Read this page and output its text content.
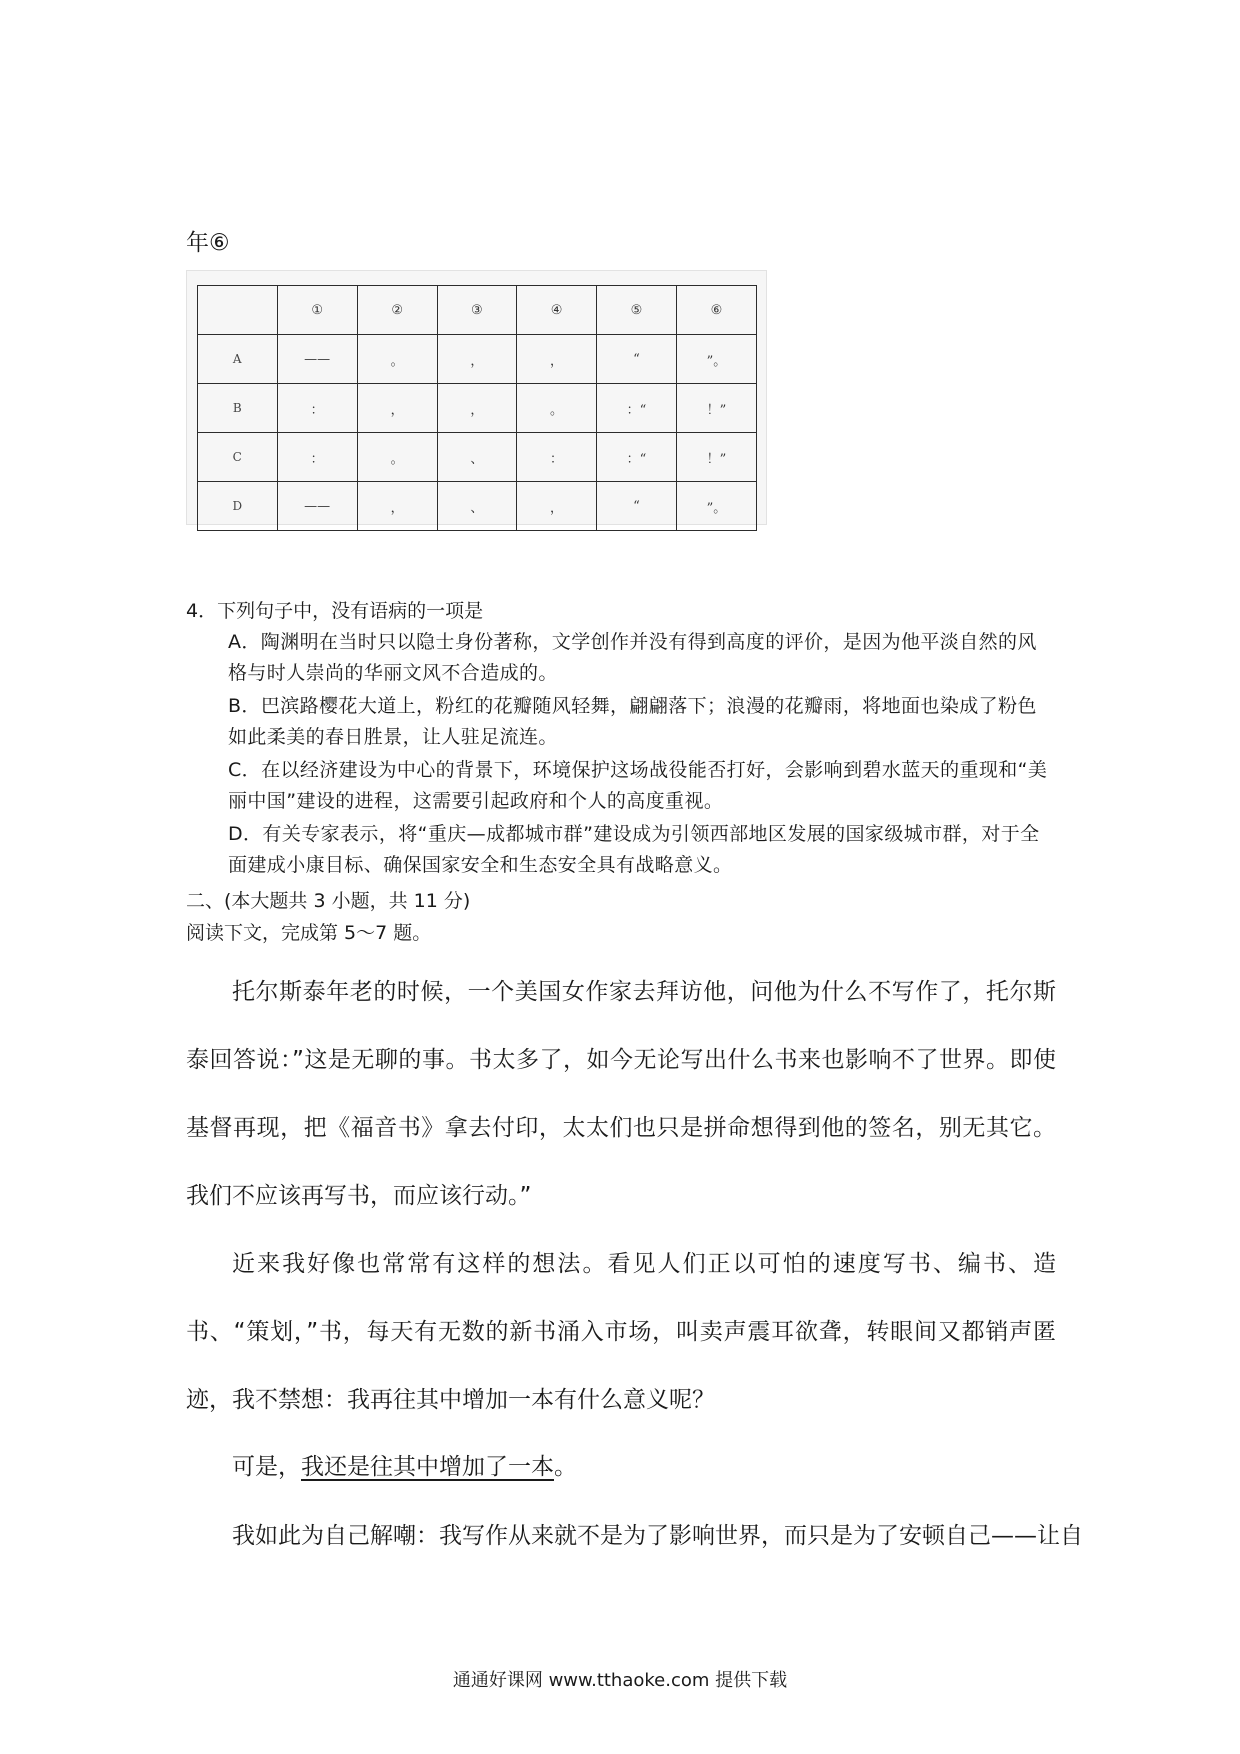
年⑥
	①	②	③	④	⑤	⑥
A	——	。	，	，	“	”。
B	：	，	，	。	：“	！”
C	：	。	、	：	：“	！”
D	——	，	、	，	“	”。
4．下列句子中，没有语病的一项是
A．陶渊明在当时只以隐士身份著称，文学创作并没有得到高度的评价，是因为他平淡自然的风格与时人崇尚的华丽文风不合造成的。
B．巴滨路樱花大道上，粉红的花瓣随风轻舞，翩翩落下；浪漫的花瓣雨，将地面也染成了粉色如此柔美的春日胜景，让人驻足流连。
C．在以经济建设为中心的背景下，环境保护这场战役能否打好，会影响到碧水蓝天的重现和“美丽中国”建设的进程，这需要引起政府和个人的高度重视。
D．有关专家表示，将“重庆—成都城市群”建设成为引领西部地区发展的国家级城市群，对于全面建成小康目标、确保国家安全和生态安全具有战略意义。
二、(本大题共 3 小题，共 11 分)
阅读下文，完成第 5～7 题。
托尔斯泰年老的时候，一个美国女作家去拜访他，问他为什么不写作了，托尔斯泰回答说：”这是无聊的事。书太多了，如今无论写出什么书来也影响不了世界。即使基督再现，把《福音书》拿去付印，太太们也只是拼命想得到他的签名，别无其它。我们不应该再写书，而应该行动。”
近来我好像也常常有这样的想法。看见人们正以可怕的速度写书、编书、造书、“策划，”书，每天有无数的新书涌入市场，叫卖声震耳欲聋，转眼间又都销声匿迹，我不禁想：我再往其中增加一本有什么意义呢？
可是，我还是往其中增加了一本。
我如此为自己解嘲：我写作从来就不是为了影响世界，而只是为了安顿自己——让自
通通好课网 www.tthaoke.com 提供下载
